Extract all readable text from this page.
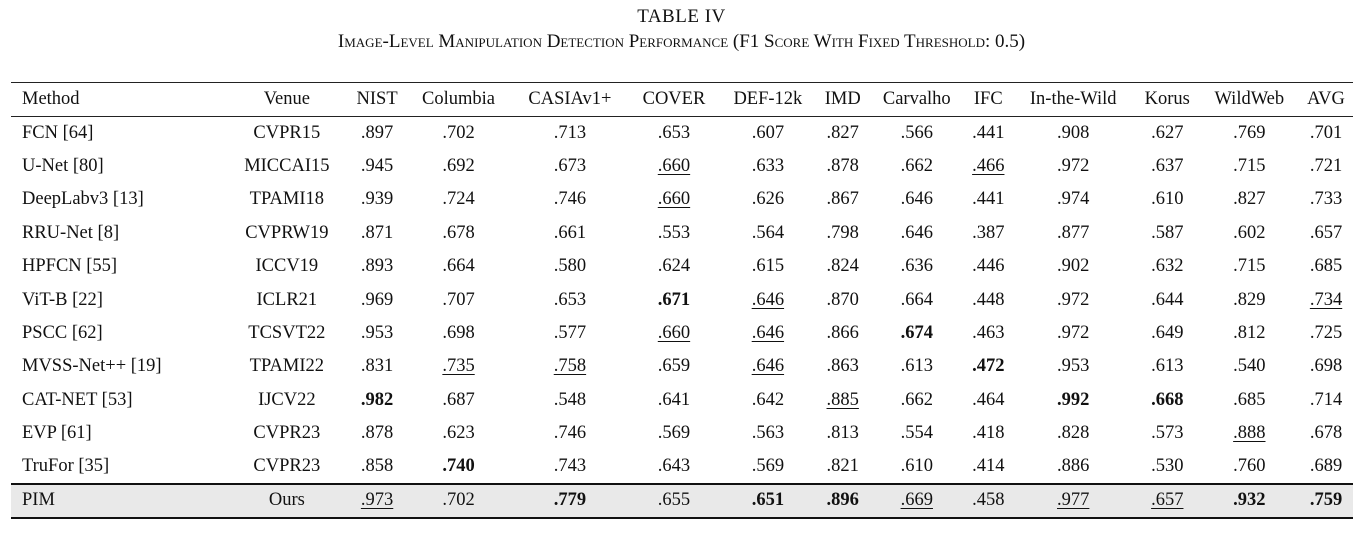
TABLE IV
Image-Level Manipulation Detection Performance (F1 Score With Fixed Threshold: 0.5)
Method	Venue	NIST	Columbia	CASIAv1+	COVER	DEF-12k	IMD	Carvalho	IFC	In-the-Wild	Korus	WildWeb	AVG
FCN [64]	CVPR15	.897	.702	.713	.653	.607	.827	.566	.441	.908	.627	.769	.701
U-Net [80]	MICCAI15	.945	.692	.673	.660	.633	.878	.662	.466	.972	.637	.715	.721
DeepLabv3 [13]	TPAMI18	.939	.724	.746	.660	.626	.867	.646	.441	.974	.610	.827	.733
RRU-Net [8]	CVPRW19	.871	.678	.661	.553	.564	.798	.646	.387	.877	.587	.602	.657
HPFCN [55]	ICCV19	.893	.664	.580	.624	.615	.824	.636	.446	.902	.632	.715	.685
ViT-B [22]	ICLR21	.969	.707	.653	.671	.646	.870	.664	.448	.972	.644	.829	.734
PSCC [62]	TCSVT22	.953	.698	.577	.660	.646	.866	.674	.463	.972	.649	.812	.725
MVSS-Net++ [19]	TPAMI22	.831	.735	.758	.659	.646	.863	.613	.472	.953	.613	.540	.698
CAT-NET [53]	IJCV22	.982	.687	.548	.641	.642	.885	.662	.464	.992	.668	.685	.714
EVP [61]	CVPR23	.878	.623	.746	.569	.563	.813	.554	.418	.828	.573	.888	.678
TruFor [35]	CVPR23	.858	.740	.743	.643	.569	.821	.610	.414	.886	.530	.760	.689
PIM	Ours	.973	.702	.779	.655	.651	.896	.669	.458	.977	.657	.932	.759
